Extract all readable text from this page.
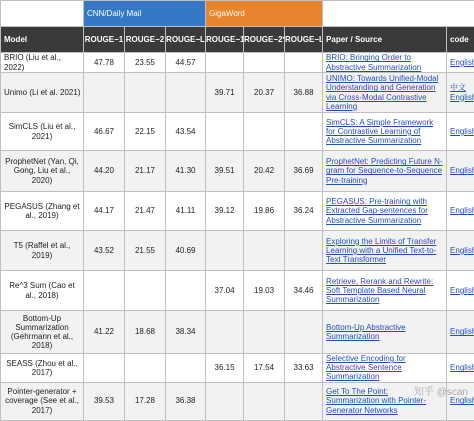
	CNN/Daily Mail			GigaWord				
Model	ROUGE−1	ROUGE−2	ROUGE−L	ROUGE−1	ROUGE−2*	ROUGE−L	Paper / Source	code
BRIO (Liu et al., 2022)	47.78	23.55	44.57				BRIO: Bringing Order to Abstractive Summarization	English
Unimo (Li et al. 2021)				39.71	20.37	36.88	UNIMO: Towards Unified-Modal Understanding and Generation via Cross-Modal Contrastive Learning	中文 English
SimCLS (Liu et al., 2021)	46.67	22.15	43.54				SimCLS: A Simple Framework for Contrastive Learning of Abstractive Summarization	English
ProphetNet (Yan, Qi, Gong, Liu et al., 2020)	44.20	21.17	41.30	39.51	20.42	36.69	ProphetNet: Predicting Future N-gram for Sequence-to-Sequence Pre-training	English
PEGASUS (Zhang et al., 2019)	44.17	21.47	41.11	39.12	19.86	36.24	PEGASUS: Pre-training with Extracted Gap-sentences for Abstractive Summarization	English
T5 (Raffel et al., 2019)	43.52	21.55	40.69				Exploring the Limits of Transfer Learning with a Unified Text-to-Text Transformer	English
Re^3 Sum (Cao et al., 2018)				37.04	19.03	34.46	Retrieve, Rerank and Rewrite: Soft Template Based Neural Summarization	English
Bottom-Up Summarization (Gehrmann et al., 2018)	41.22	18.68	38.34				Bottom-Up Abstractive Summarization	English
SEASS (Zhou et al., 2017)				36.15	17.54	33.63	Selective Encoding for Abstractive Sentence Summarization	English
Pointer-generator + coverage (See et al., 2017)	39.53	17.28	36.38				Get To The Point: Summarization with Pointer-Generator Networks	English
知乎 @scan
